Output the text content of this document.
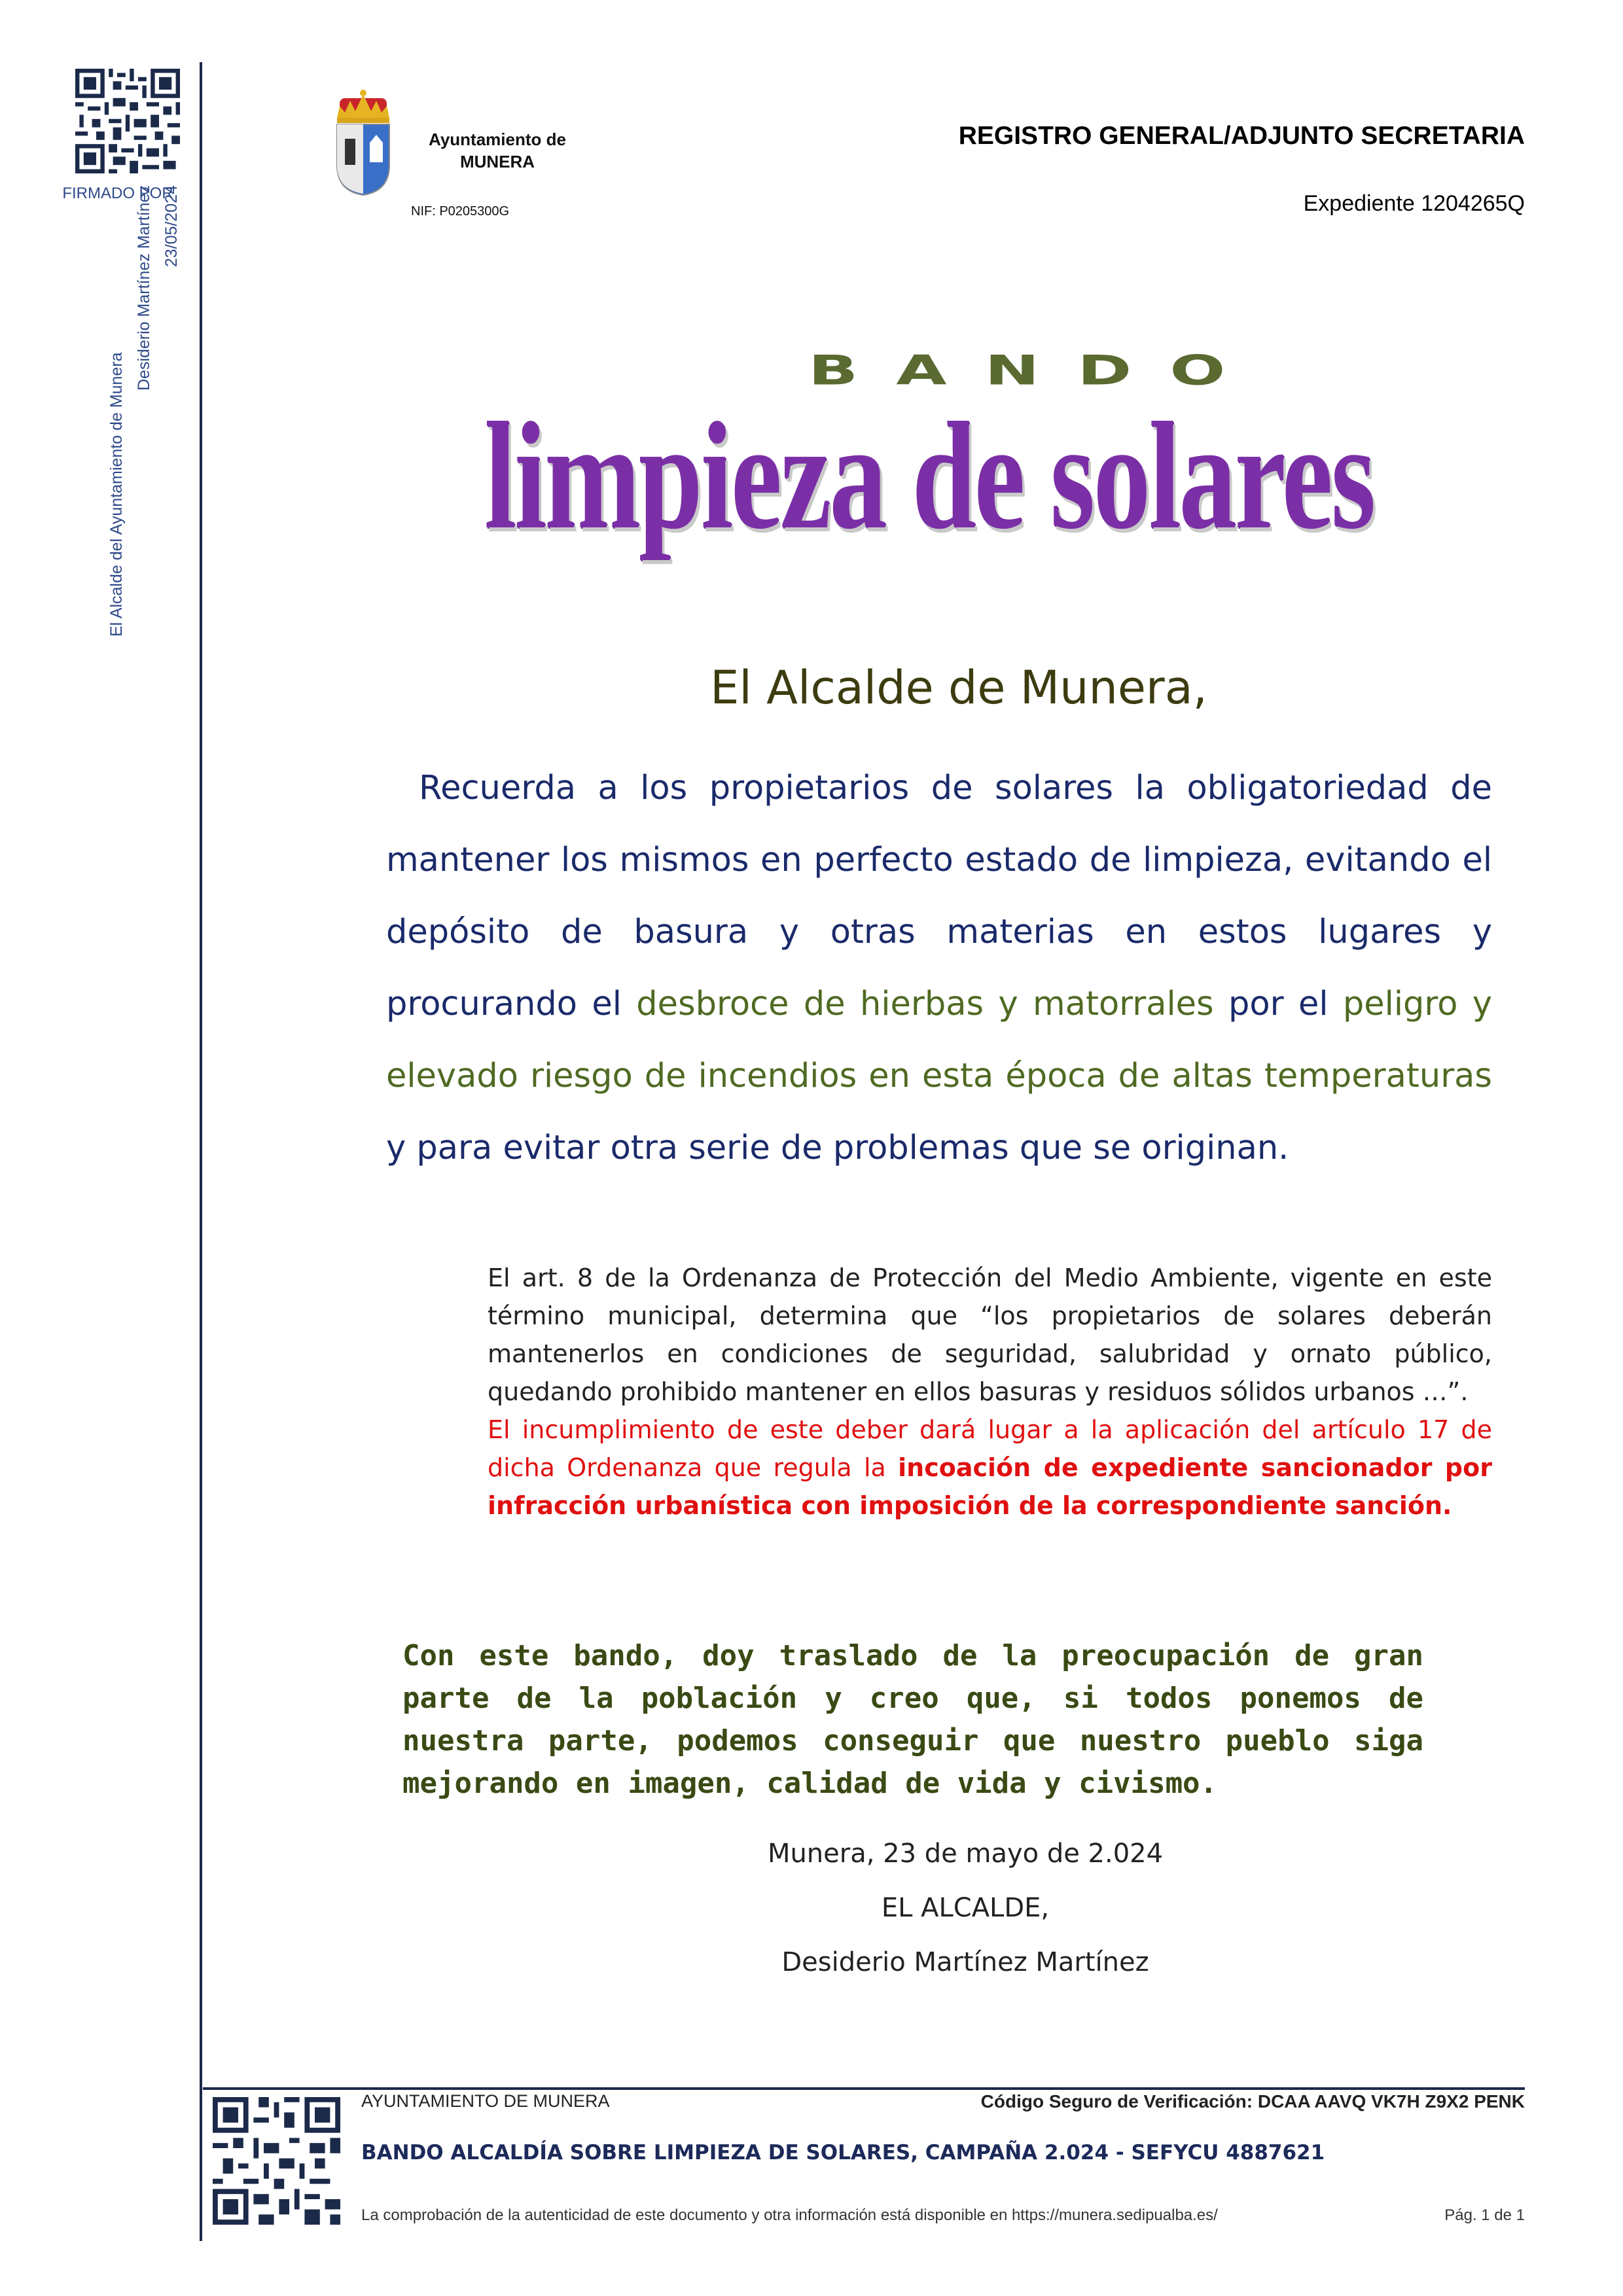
FIRMADO POR
El Alcalde del Ayuntamiento de Munera
Desiderio Martínez Martínez 23/05/2024
Ayuntamiento de
MUNERA
NIF: P0205300G
REGISTRO GENERAL/ADJUNTO SECRETARIA
Expediente 1204265Q
BANDO
limpieza de solares
El Alcalde de Munera,
Recuerda a los propietarios de solares la obligatoriedad de mantener los mismos en perfecto estado de limpieza, evitando el depósito de basura y otras materias en estos lugares y procurando el desbroce de hierbas y matorrales por el peligro y elevado riesgo de incendios en esta época de altas temperaturas y para evitar otra serie de problemas que se originan.
El art. 8 de la Ordenanza de Protección del Medio Ambiente, vigente en este término municipal, determina que “los propietarios de solares deberán mantenerlos en condiciones de seguridad, salubridad y ornato público, quedando prohibido mantener en ellos basuras y residuos sólidos urbanos …”.
El incumplimiento de este deber dará lugar a la aplicación del artículo 17 de dicha Ordenanza que regula la incoación de expediente sancionador por infracción urbanística con imposición de la correspondiente sanción.
Con este bando, doy traslado de la preocupación de gran parte de la población y creo que, si todos ponemos de nuestra parte, podemos conseguir que nuestro pueblo siga mejorando en imagen, calidad de vida y civismo.
Munera, 23 de mayo de 2.024
EL ALCALDE,
Desiderio Martínez Martínez
AYUNTAMIENTO DE MUNERA	Código Seguro de Verificación: DCAA AAVQ VK7H Z9X2 PENK
BANDO ALCALDÍA SOBRE LIMPIEZA DE SOLARES, CAMPAÑA 2.024 - SEFYCU 4887621
La comprobación de la autenticidad de este documento y otra información está disponible en https://munera.sedipualba.es/	Pág. 1 de 1
